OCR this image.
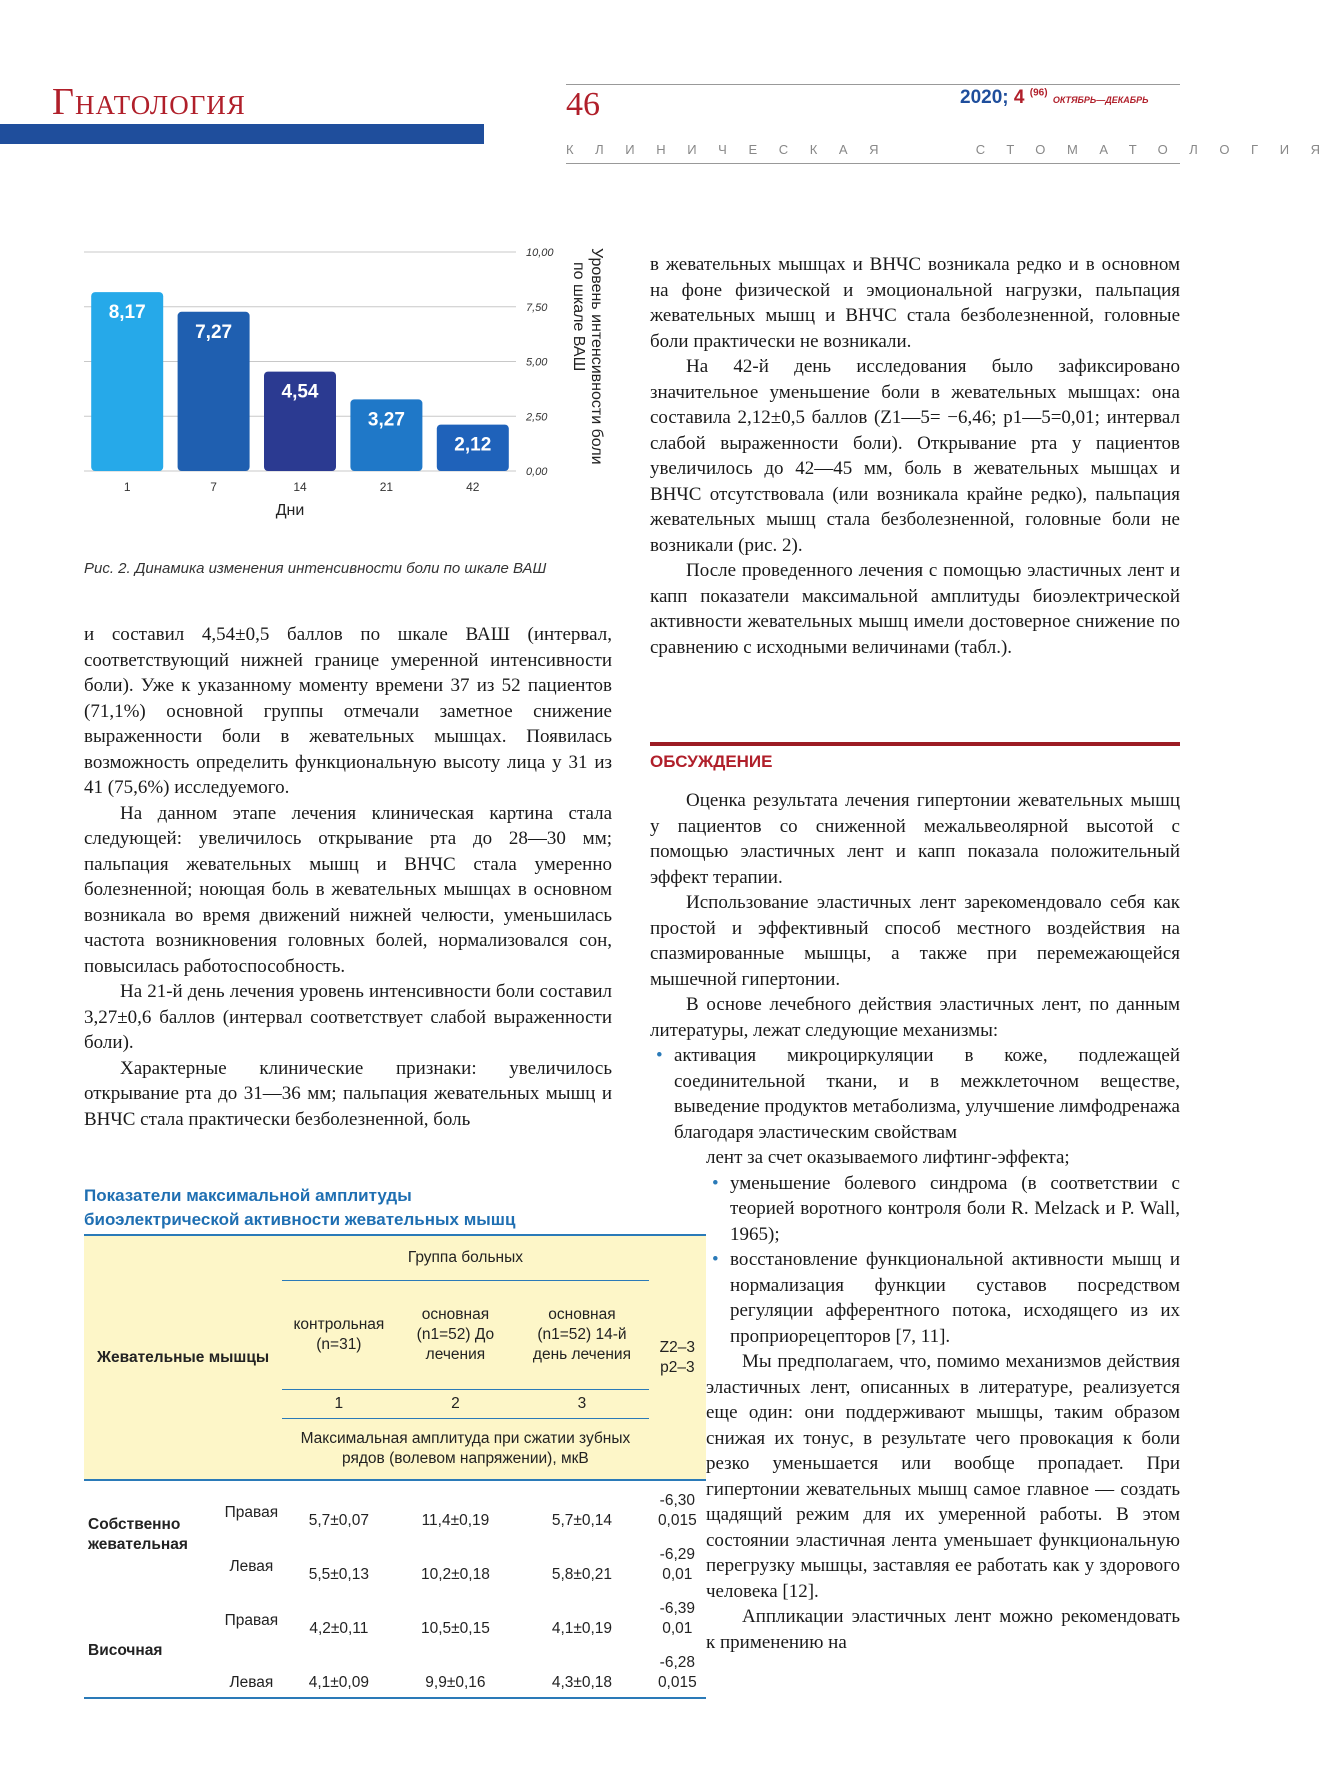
Гнатология	46	2020; 4 $^{(96)}$ ОКТЯБРЬ—ДЕКАБРЬ
КЛИНИЧЕСКАЯ	СТОМАТОЛОГИЯ
0,00
2,50
5,00
7,50
10,00
8,17
1
7,27
7
4,54
14
3,27
21
2,12
42
Дни
Уровень интенсивности болипо шкале ВАШ
Рис. 2. Динамика изменения интенсивности боли по шкале ВАШ

и составил 4,54±0,5 баллов по шкале ВАШ (интервал, соответствующий нижней границе умеренной интенсивности боли). Уже к указанному моменту времени 37 из 52 пациентов (71,1%) основной группы отмечали заметное снижение выраженности боли в жевательных мышцах. Появилась возможность определить функциональную высоту лица у 31 из 41 (75,6%) исследуемого.

На данном этапе лечения клиническая картина стала следующей: увеличилось открывание рта до 28—30 мм; пальпация жевательных мышц и ВНЧС стала умеренно болезненной; ноющая боль в жевательных мышцах в основном возникала во время движений нижней челюсти, уменьшилась частота возникновения головных болей, нормализовался сон, повысилась работоспособность.

На 21-й день лечения уровень интенсивности боли составил 3,27±0,6 баллов (интервал соответствует слабой выраженности боли).

Характерные клинические признаки: увеличилось открывание рта до 31—36 мм; пальпация жевательных мышц и ВНЧС стала практически безболезненной, боль

в жевательных мышцах и ВНЧС возникала редко и в основном на фоне физической и эмоциональной нагрузки, пальпация жевательных мышц и ВНЧС стала безболезненной, головные боли практически не возникали.

На 42-й день исследования было зафиксировано значительное уменьшение боли в жевательных мышцах: она составила 2,12±0,5 баллов (Z1—5= −6,46; p1—5=0,01; интервал слабой выраженности боли). Открывание рта у пациентов увеличилось до 42—45 мм, боль в жевательных мышцах и ВНЧС отсутствовала (или возникала крайне редко), пальпация жевательных мышц стала безболезненной, головные боли не возникали (рис. 2).

После проведенного лечения с помощью эластичных лент и капп показатели максимальной амплитуды биоэлектрической активности жевательных мышц имели достоверное снижение по сравнению с исходными величинами (табл.).

ОБСУЖДЕНИЕ

Оценка результата лечения гипертонии жевательных мышц у пациентов со сниженной межальвеолярной высотой с помощью эластичных лент и капп показала положительный эффект терапии.

Использование эластичных лент зарекомендовало себя как простой и эффективный способ местного воздействия на спазмированные мышцы, а также при перемежающейся мышечной гипертонии.

В основе лечебного действия эластичных лент, по данным литературы, лежат следующие механизмы:

• активация микроциркуляции в коже, подлежащей соединительной ткани, и в межклеточном веществе, выведение продуктов метаболизма, улучшение лимфодренажа благодаря эластическим свойствам

лент за счет оказываемого лифтинг-эффекта;

• уменьшение болевого синдрома (в соответствии с теорией воротного контроля боли R. Melzack и P. Wall, 1965);
• восстановление функциональной активности мышц и нормализация функции суставов посредством регуляции афферентного потока, исходящего из их проприорецепторов [7, 11].

Мы предполагаем, что, помимо механизмов действия эластичных лент, описанных в литературе, реализуется еще один: они поддерживают мышцы, таким образом снижая их тонус, в результате чего провокация к боли резко уменьшается или вообще пропадает. При гипертонии жевательных мышц самое главное — создать щадящий режим для их умеренной работы. В этом состоянии эластичная лента уменьшает функциональную перегрузку мышцы, заставляя ее работать как у здорового человека [12].

Аппликации эластичных лент можно рекомендовать к применению на

Показатели максимальной амплитуды
биоэлектрической активности жевательных мышц
Жевательные мышцы		Группа больных			Z2–3 p2–3
		контрольная (n=31)	основная (n1=52) До лечения	основная (n1=52) 14-й день лечения	
		1	2	3	
		Максимальная амплитуда при сжатии зубных рядов (волевом напряжении), мкВ			
Собственно жевательная	Правая	5,7±0,07	11,4±0,19	5,7±0,14	-6,30
0,015

	Левая	5,5±0,13	10,2±0,18	5,8±0,21	-6,29
0,01

Височная	Правая	4,2±0,11	10,5±0,15	4,1±0,19	-6,39
0,01

	Левая	4,1±0,09	9,9±0,16	4,3±0,18	-6,28
0,015
